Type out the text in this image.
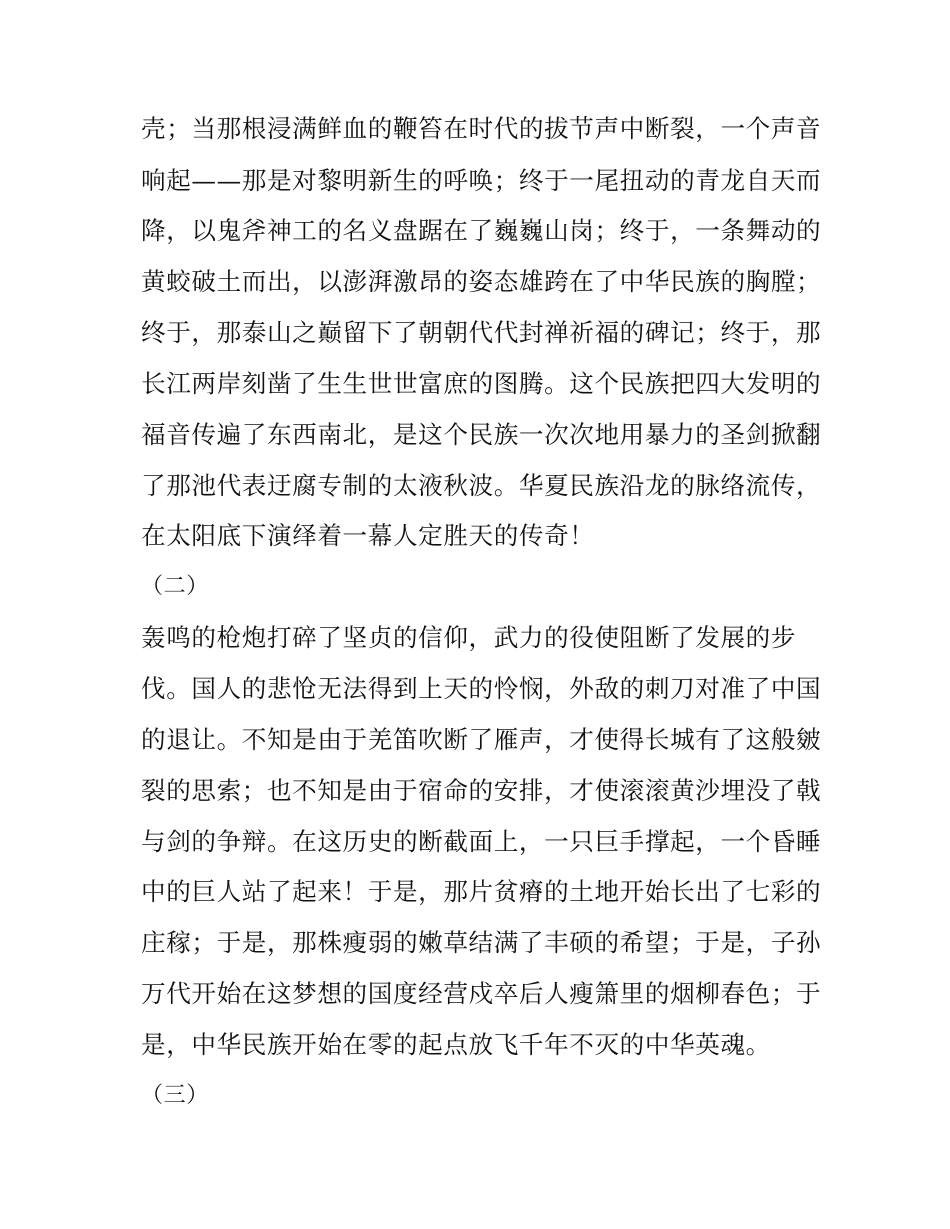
壳；当那根浸满鲜血的鞭笞在时代的拔节声中断裂，一个声音
响起——那是对黎明新生的呼唤；终于一尾扭动的青龙自天而
降，以鬼斧神工的名义盘踞在了巍巍山岗；终于，一条舞动的
黄蛟破土而出，以澎湃激昂的姿态雄跨在了中华民族的胸膛；
终于，那泰山之巅留下了朝朝代代封禅祈福的碑记；终于，那
长江两岸刻凿了生生世世富庶的图腾。这个民族把四大发明的
福音传遍了东西南北，是这个民族一次次地用暴力的圣剑掀翻
了那池代表迂腐专制的太液秋波。华夏民族沿龙的脉络流传，
在太阳底下演绎着一幕人定胜天的传奇！
（二）
轰鸣的枪炮打碎了坚贞的信仰，武力的役使阻断了发展的步
伐。国人的悲怆无法得到上天的怜悯，外敌的刺刀对准了中国
的退让。不知是由于羌笛吹断了雁声，才使得长城有了这般皴
裂的思索；也不知是由于宿命的安排，才使滚滚黄沙埋没了戟
与剑的争辩。在这历史的断截面上，一只巨手撑起，一个昏睡
中的巨人站了起来！于是，那片贫瘠的土地开始长出了七彩的
庄稼；于是，那株瘦弱的嫩草结满了丰硕的希望；于是，子孙
万代开始在这梦想的国度经营戍卒后人瘦箫里的烟柳春色；于
是，中华民族开始在零的起点放飞千年不灭的中华英魂。
（三）
